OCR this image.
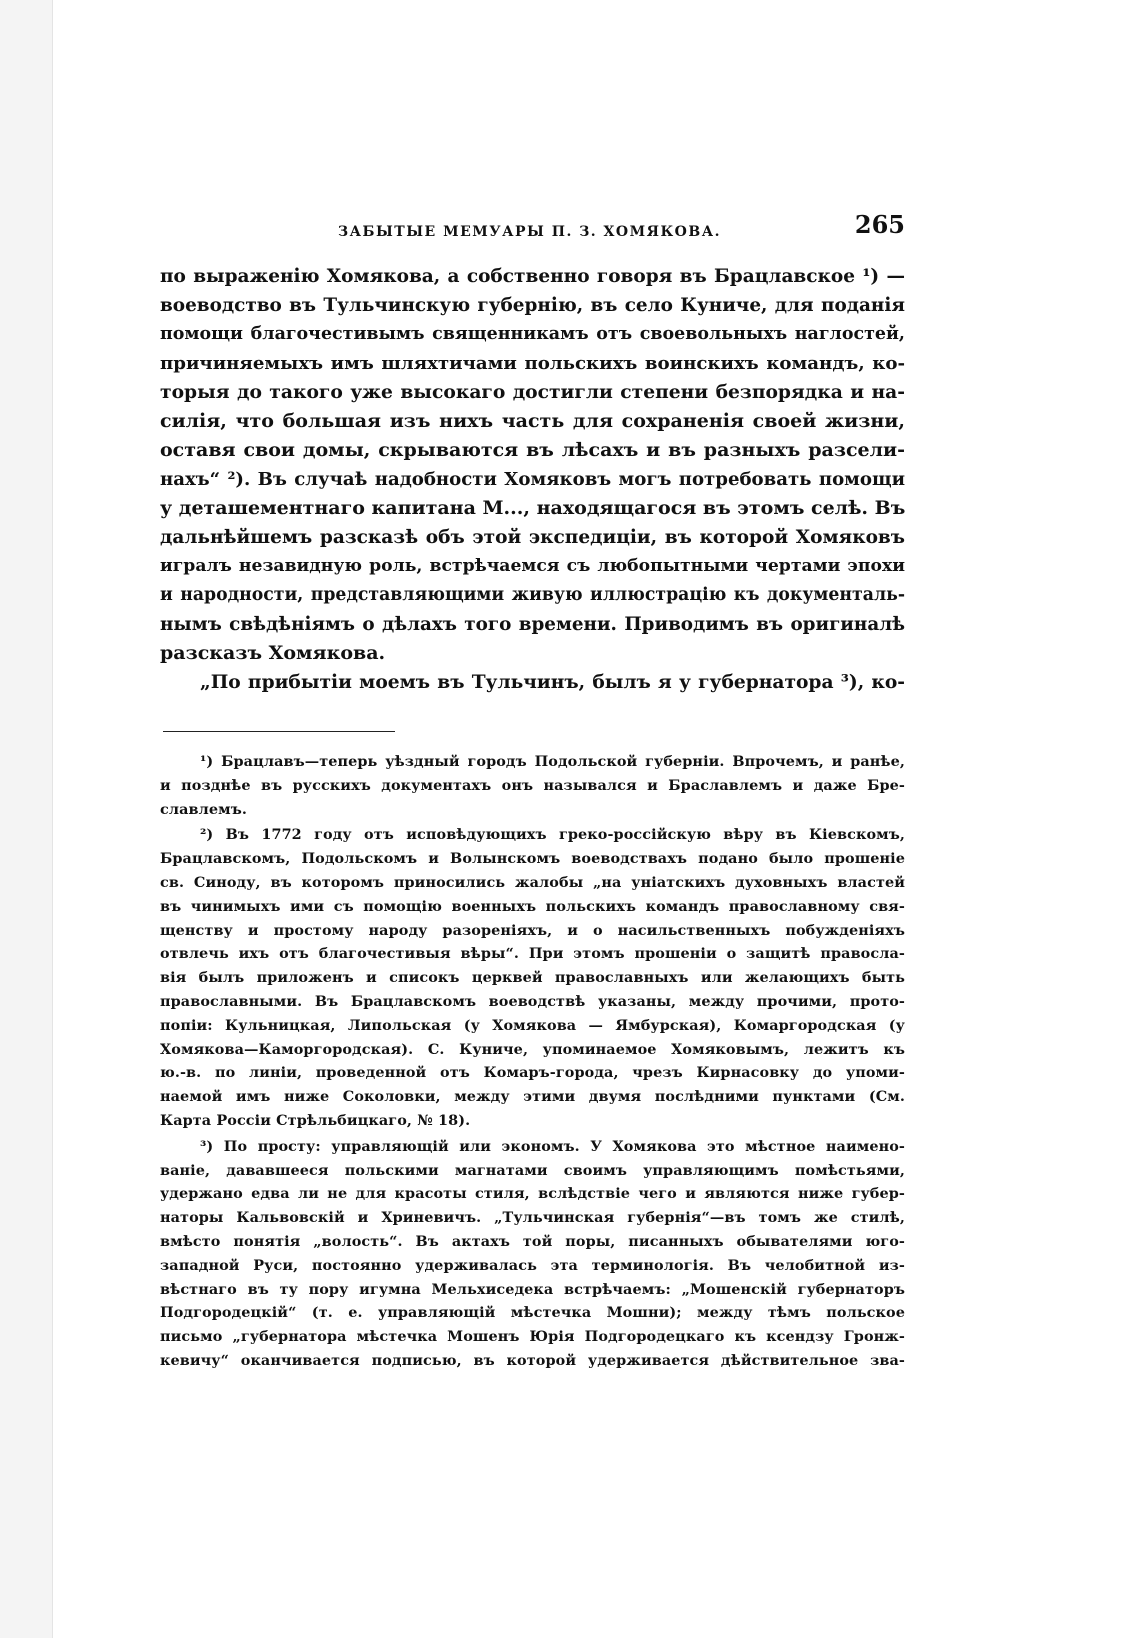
ЗАБЫТЫЕ МЕМУАРЫ П. З. ХОМЯКОВА.	265
по выраженію Хомякова, а собственно говоря въ Брацлавское ¹) —
воеводство въ Тульчинскую губернію, въ село Куниче, для поданія
помощи благочестивымъ священникамъ отъ своевольныхъ наглостей,
причиняемыхъ имъ шляхтичами польскихъ воинскихъ командъ, ко-
торыя до такого уже высокаго достигли степени безпорядка и на-
силія, что большая изъ нихъ часть для сохраненія своей жизни,
оставя свои домы, скрываются въ лѣсахъ и въ разныхъ разсели-
нахъ“ ²). Въ случаѣ надобности Хомяковъ могъ потребовать помощи
у деташементнаго капитана М..., находящагося въ этомъ селѣ. Въ
дальнѣйшемъ разсказѣ объ этой экспедиціи, въ которой Хомяковъ
игралъ незавидную роль, встрѣчаемся съ любопытными чертами эпохи
и народности, представляющими живую иллюстрацію къ документаль-
нымъ свѣдѣніямъ о дѣлахъ того времени. Приводимъ въ оригиналѣ
разсказъ Хомякова.
„По прибытіи моемъ въ Тульчинъ, былъ я у губернатора ³), ко-
¹) Брацлавъ—теперь уѣздный городъ Подольской губерніи. Впрочемъ, и ранѣе,
и позднѣе въ русскихъ документахъ онъ назывался и Браславлемъ и даже Бре-
славлемъ.
²) Въ 1772 году отъ исповѣдующихъ греко-россійскую вѣру въ Кіевскомъ,
Брацлавскомъ, Подольскомъ и Волынскомъ воеводствахъ подано было прошеніе
св. Синоду, въ которомъ приносились жалобы „на уніатскихъ духовныхъ властей
въ чинимыхъ ими съ помощію военныхъ польскихъ командъ православному свя-
щенству и простому народу разореніяхъ, и о насильственныхъ побужденіяхъ
отвлечь ихъ отъ благочестивыя вѣры“. При этомъ прошеніи о защитѣ правосла-
вія былъ приложенъ и списокъ церквей православныхъ или желающихъ быть
православными. Въ Брацлавскомъ воеводствѣ указаны, между прочими, прото-
попіи: Кульницкая, Липольская (у Хомякова — Ямбурская), Комаргородская (у
Хомякова—Каморгородская). С. Куниче, упоминаемое Хомяковымъ, лежитъ къ
ю.-в. по линіи, проведенной отъ Комаръ-города, чрезъ Кирнасовку до упоми-
наемой имъ ниже Соколовки, между этими двумя послѣдними пунктами (См.
Карта Россіи Стрѣльбицкаго, № 18).
³) По просту: управляющій или экономъ. У Хомякова это мѣстное наимено-
ваніе, дававшееся польскими магнатами своимъ управляющимъ помѣстьями,
удержано едва ли не для красоты стиля, вслѣдствіе чего и являются ниже губер-
наторы Кальвовскій и Хриневичъ. „Тульчинская губернія“—въ томъ же стилѣ,
вмѣсто понятія „волость“. Въ актахъ той поры, писанныхъ обывателями юго-
западной Руси, постоянно удерживалась эта терминологія. Въ челобитной из-
вѣстнаго въ ту пору игумна Мельхиседека встрѣчаемъ: „Мошенскій губернаторъ
Подгородецкій“ (т. е. управляющій мѣстечка Мошни); между тѣмъ польское
письмо „губернатора мѣстечка Мошенъ Юрія Подгородецкаго къ ксендзу Гронж-
кевичу“ оканчивается подписью, въ которой удерживается дѣйствительное зва-
